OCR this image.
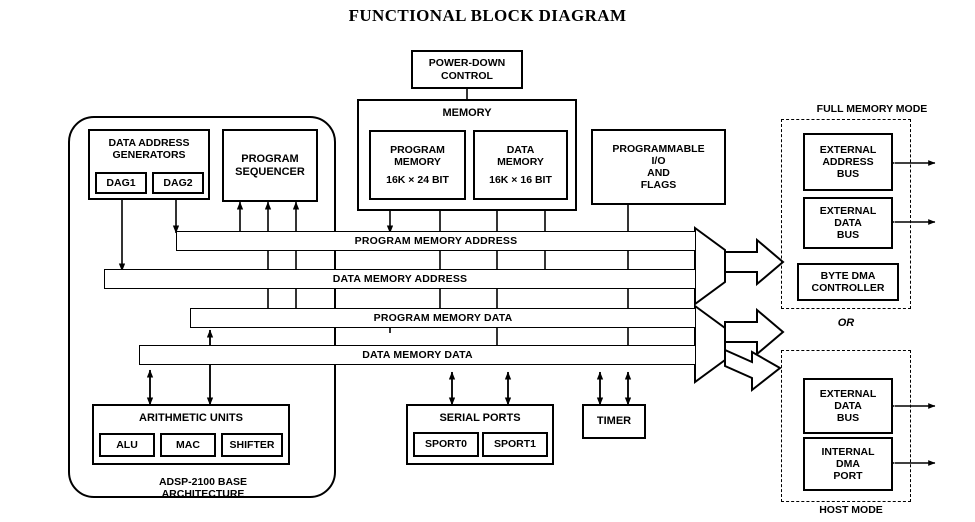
FUNCTIONAL BLOCK DIAGRAM
POWER-DOWN
CONTROL
MEMORY
PROGRAM
MEMORY
16K × 24 BIT
DATA
MEMORY
16K × 16 BIT
PROGRAMMABLE
I/O
AND
FLAGS
DATA ADDRESS
GENERATORS
DAG1	DAG2
PROGRAM
SEQUENCER
PROGRAM MEMORY ADDRESS
DATA MEMORY ADDRESS
PROGRAM MEMORY DATA
DATA MEMORY DATA
ARITHMETIC UNITS
ALU	MAC	SHIFTER
SERIAL PORTS
SPORT0	SPORT1
TIMER
ADSP-2100 BASE
ARCHITECTURE
FULL MEMORY MODE
EXTERNAL
ADDRESS
BUS
EXTERNAL
DATA
BUS
BYTE DMA
CONTROLLER
OR
EXTERNAL
DATA
BUS
INTERNAL
DMA
PORT
HOST MODE
